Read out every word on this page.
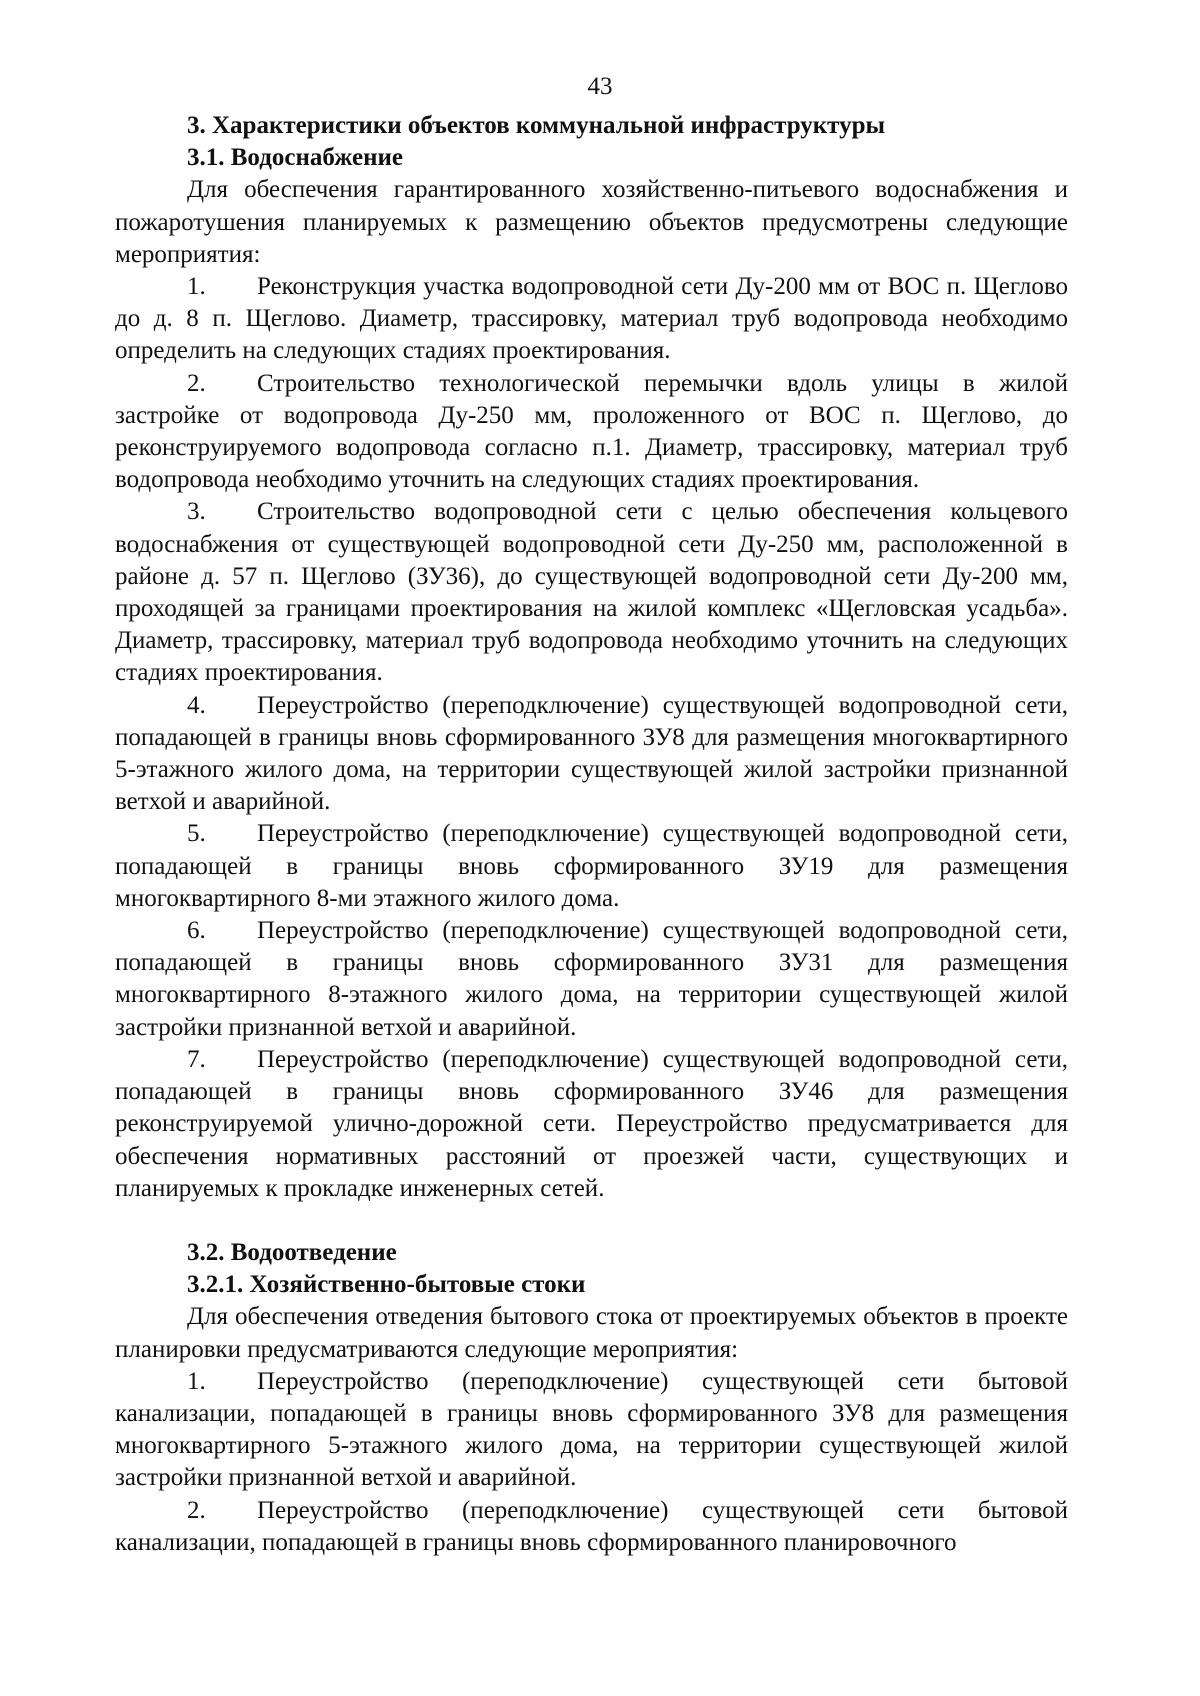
43

3. Характеристики объектов коммунальной инфраструктуры

3.1. Водоснабжение

Для обеспечения гарантированного хозяйственно-питьевого водоснабжения и пожаротушения планируемых к размещению объектов предусмотрены следующие мероприятия:

1. Реконструкция участка водопроводной сети Ду-200 мм от ВОС п. Щеглово до д. 8 п. Щеглово. Диаметр, трассировку, материал труб водопровода необходимо определить на следующих стадиях проектирования.

2. Строительство технологической перемычки вдоль улицы в жилой застройке от водопровода Ду-250 мм, проложенного от ВОС п. Щеглово, до реконструируемого водопровода согласно п.1. Диаметр, трассировку, материал труб водопровода необходимо уточнить на следующих стадиях проектирования.

3. Строительство водопроводной сети с целью обеспечения кольцевого водоснабжения от существующей водопроводной сети Ду-250 мм, расположенной в районе д. 57 п. Щеглово (ЗУ36), до существующей водопроводной сети Ду-200 мм, проходящей за границами проектирования на жилой комплекс «Щегловская усадьба». Диаметр, трассировку, материал труб водопровода необходимо уточнить на следующих стадиях проектирования.

4. Переустройство (переподключение) существующей водопроводной сети, попадающей в границы вновь сформированного ЗУ8 для размещения многоквартирного 5-этажного жилого дома, на территории существующей жилой застройки признанной ветхой и аварийной.

5. Переустройство (переподключение) существующей водопроводной сети, попадающей в границы вновь сформированного ЗУ19 для размещения многоквартирного 8-ми этажного жилого дома.

6. Переустройство (переподключение) существующей водопроводной сети, попадающей в границы вновь сформированного ЗУ31 для размещения многоквартирного 8-этажного жилого дома, на территории существующей жилой застройки признанной ветхой и аварийной.

7. Переустройство (переподключение) существующей водопроводной сети, попадающей в границы вновь сформированного ЗУ46 для размещения реконструируемой улично-дорожной сети. Переустройство предусматривается для обеспечения нормативных расстояний от проезжей части, существующих и планируемых к прокладке инженерных сетей.

3.2. Водоотведение

3.2.1. Хозяйственно-бытовые стоки

Для обеспечения отведения бытового стока от проектируемых объектов в проекте планировки предусматриваются следующие мероприятия:

1. Переустройство (переподключение) существующей сети бытовой канализации, попадающей в границы вновь сформированного ЗУ8 для размещения многоквартирного 5-этажного жилого дома, на территории существующей жилой застройки признанной ветхой и аварийной.

2. Переустройство (переподключение) существующей сети бытовой канализации, попадающей в границы вновь сформированного планировочного
